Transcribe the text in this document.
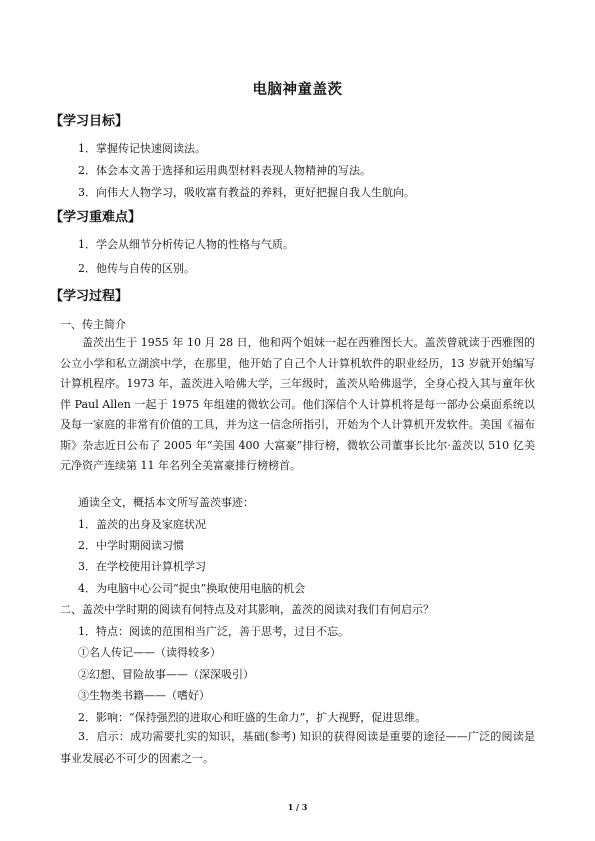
电脑神童盖茨
【学习目标】
1．掌握传记快速阅读法。
2．体会本文善于选择和运用典型材料表现人物精神的写法。
3．向伟大人物学习，吸收富有教益的养料，更好把握自我人生航向。
【学习重难点】
1．学会从细节分析传记人物的性格与气质。
2．他传与自传的区别。
【学习过程】
一、传主简介
盖茨出生于 1955 年 10 月 28 日，他和两个姐妹一起在西雅图长大。盖茨曾就读于西雅图的公立小学和私立湖滨中学，在那里，他开始了自己个人计算机软件的职业经历，13 岁就开始编写计算机程序。1973 年，盖茨进入哈佛大学，三年级时，盖茨从哈佛退学，全身心投入其与童年伙伴 Paul Allen 一起于 1975 年组建的微软公司。他们深信个人计算机将是每一部办公桌面系统以及每一家庭的非常有价值的工具，并为这一信念所指引，开始为个人计算机开发软件。美国《福布斯》杂志近日公布了 2005 年“美国 400 大富豪”排行榜，微软公司董事长比尔·盖茨以 510 亿美元净资产连续第 11 年名列全美富豪排行榜榜首。
通读全文，概括本文所写盖茨事迹：
1．盖茨的出身及家庭状况
2．中学时期阅读习惯
3．在学校使用计算机学习
4．为电脑中心公司“捉虫”换取使用电脑的机会
二、盖茨中学时期的阅读有何特点及对其影响，盖茨的阅读对我们有何启示？
1．特点：阅读的范围相当广泛，善于思考，过目不忘。
①名人传记——（读得较多）
②幻想、冒险故事——（深深吸引）
③生物类书籍——（嗜好）
2．影响：“保持强烈的进取心和旺盛的生命力”，扩大视野，促进思维。
3．启示：成功需要扎实的知识，基础(参考) 知识的获得阅读是重要的途径——广泛的阅读是事业发展必不可少的因素之一。
1 / 3
